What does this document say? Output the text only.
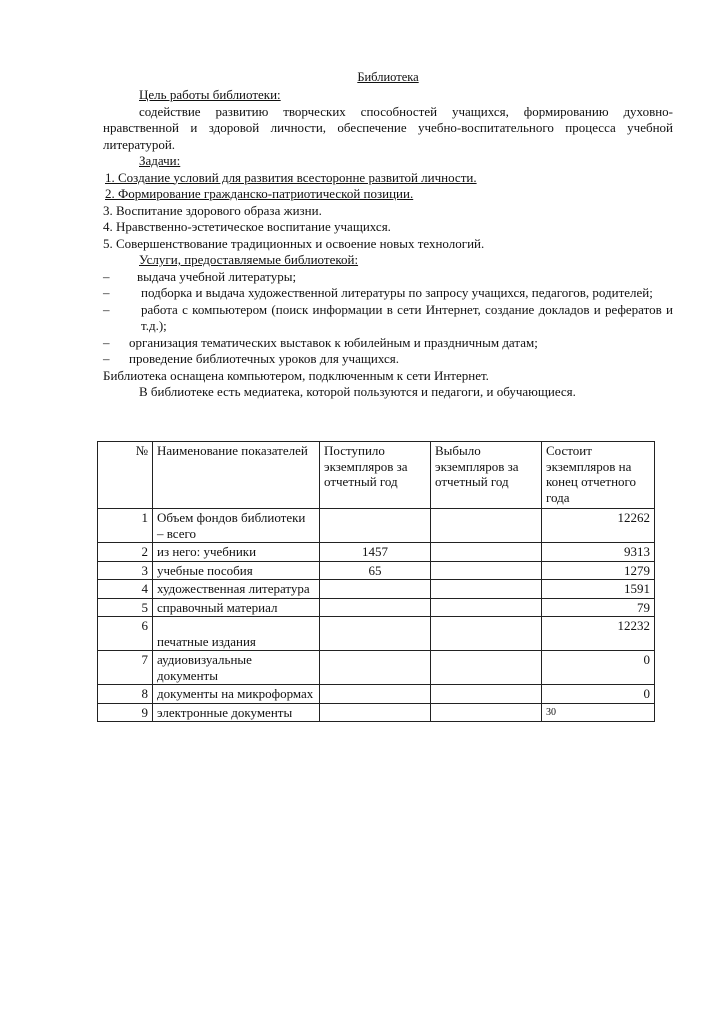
Библиотека
Цель работы библиотеки:
содействие развитию творческих способностей учащихся, формированию духовно-нравственной и здоровой личности, обеспечение учебно-воспитательного процесса учебной литературой.
Задачи:
1. Создание условий для развития всесторонне развитой личности.
2. Формирование гражданско-патриотической позиции.
3. Воспитание здорового образа жизни.
4. Нравственно-эстетическое воспитание учащихся.
5. Совершенствование традиционных и освоение новых технологий.
Услуги, предоставляемые библиотекой:
–	выдача учебной литературы;
–	подборка и выдача художественной литературы по запросу учащихся, педагогов, родителей;
–	работа с компьютером (поиск информации в сети Интернет, создание докладов и рефератов и т.д.);
–	организация тематических выставок к юбилейным и праздничным датам;
–	проведение библиотечных уроков для учащихся.
Библиотека оснащена компьютером, подключенным к сети Интернет.
В библиотеке есть медиатека, которой пользуются и педагоги, и обучающиеся.
№	Наименование показателей	Поступило экземпляров за отчетный год	Выбыло экземпляров за отчетный год	Состоит экземпляров на конец отчетного года
1	Объем фондов библиотеки – всего			12262
2	из него: учебники	1457		9313
3	учебные пособия	65		1279
4	художественная литература			1591
5	справочный материал			79
6	печатные издания			12232
7	аудиовизуальные документы			0
8	документы на микроформах			0
9	электронные документы			30
